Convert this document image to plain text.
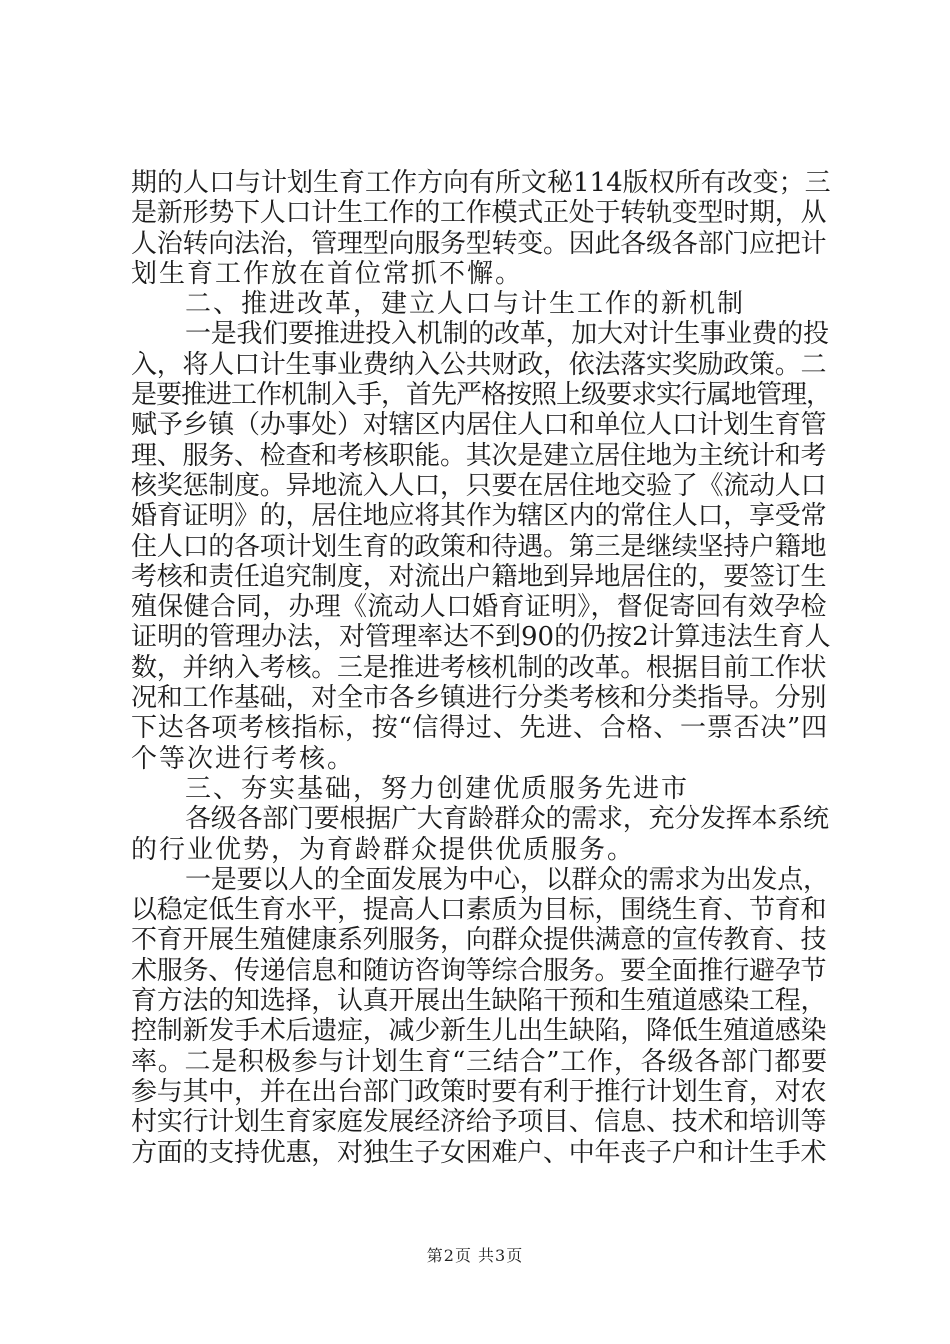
期的人口与计划生育工作方向有所文秘114版权所有改变；三

是新形势下人口计生工作的工作模式正处于转轨变型时期，从

人治转向法治，管理型向服务型转变。因此各级各部门应把计

划生育工作放在首位常抓不懈。

二、推进改革，建立人口与计生工作的新机制

一是我们要推进投入机制的改革，加大对计生事业费的投

入，将人口计生事业费纳入公共财政，依法落实奖励政策。二

是要推进工作机制入手，首先严格按照上级要求实行属地管理，

赋予乡镇（办事处）对辖区内居住人口和单位人口计划生育管

理、服务、检查和考核职能。其次是建立居住地为主统计和考

核奖惩制度。异地流入人口，只要在居住地交验了《流动人口

婚育证明》的，居住地应将其作为辖区内的常住人口，享受常

住人口的各项计划生育的政策和待遇。第三是继续坚持户籍地

考核和责任追究制度，对流出户籍地到异地居住的，要签订生

殖保健合同，办理《流动人口婚育证明》，督促寄回有效孕检

证明的管理办法，对管理率达不到90的仍按2计算违法生育人

数，并纳入考核。三是推进考核机制的改革。根据目前工作状

况和工作基础，对全市各乡镇进行分类考核和分类指导。分别

下达各项考核指标，按“信得过、先进、合格、一票否决”四

个等次进行考核。

三、夯实基础，努力创建优质服务先进市

各级各部门要根据广大育龄群众的需求，充分发挥本系统

的行业优势，为育龄群众提供优质服务。

一是要以人的全面发展为中心，以群众的需求为出发点，

以稳定低生育水平，提高人口素质为目标，围绕生育、节育和

不育开展生殖健康系列服务，向群众提供满意的宣传教育、技

术服务、传递信息和随访咨询等综合服务。要全面推行避孕节

育方法的知选择，认真开展出生缺陷干预和生殖道感染工程，

控制新发手术后遗症，减少新生儿出生缺陷，降低生殖道感染

率。二是积极参与计划生育“三结合”工作，各级各部门都要

参与其中，并在出台部门政策时要有利于推行计划生育，对农

村实行计划生育家庭发展经济给予项目、信息、技术和培训等

方面的支持优惠，对独生子女困难户、中年丧子户和计生手术

第2页 共3页
